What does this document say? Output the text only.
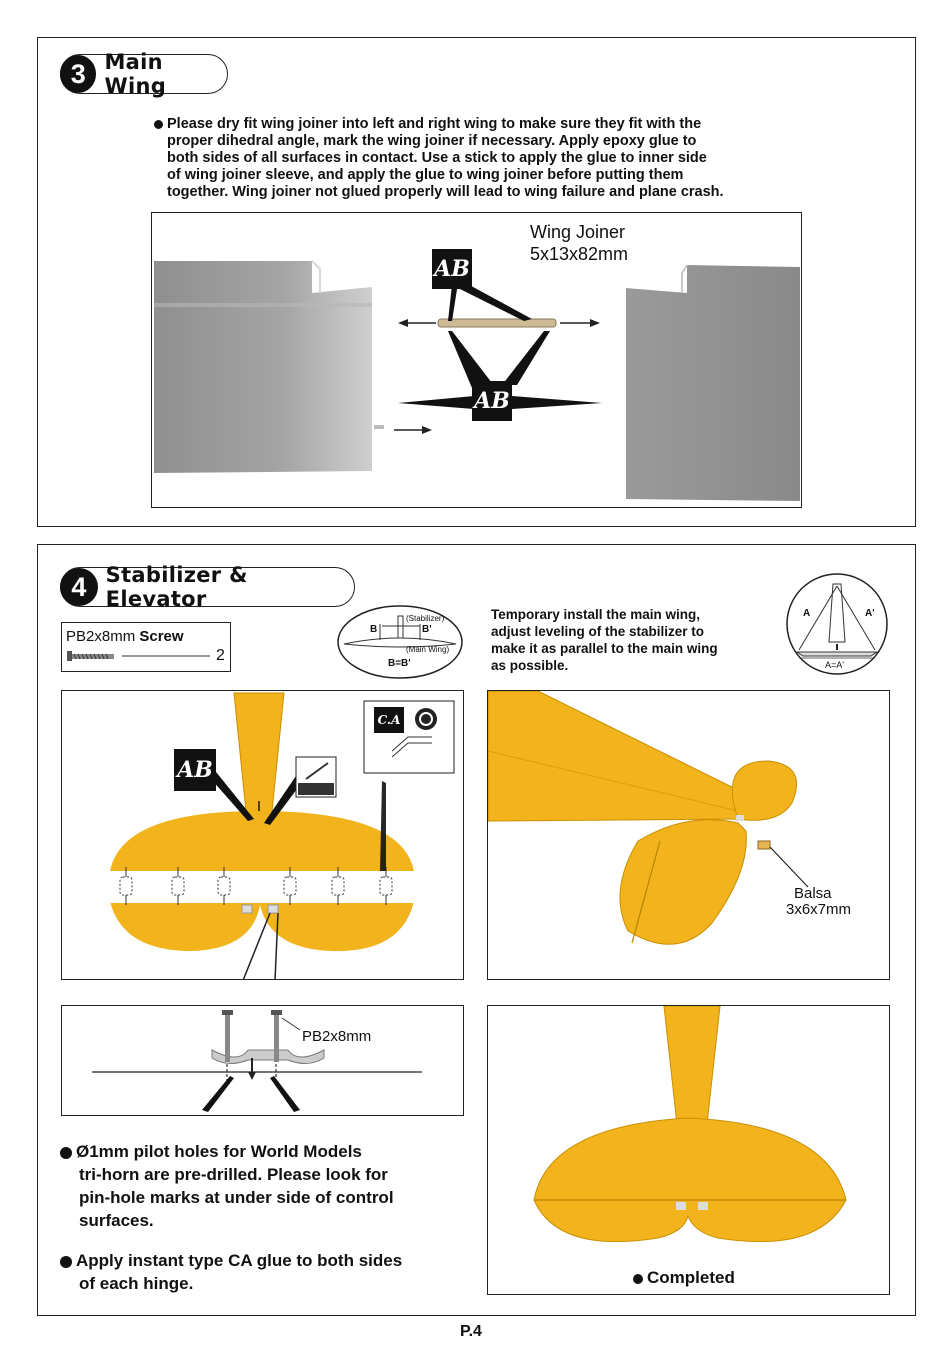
3 Main Wing
Please dry fit wing joiner into left and right wing to make sure they fit with the
proper dihedral angle, mark the wing joiner if necessary. Apply epoxy glue to
both sides of all surfaces in contact. Use a stick to apply the glue to inner side
of wing joiner sleeve, and apply the glue to wing joiner before putting them
together. Wing joiner not glued properly will lead to wing failure and plane crash.
AB
AB
Wing Joiner
5x13x82mm
4 Stabilizer & Elevator
PB2x8mm Screw
2
(Stabilizer)
B	B'
(Main Wing)
B=B'
Temporary install the main wing,
adjust leveling of the stabilizer to
make it as parallel to the main wing
as possible.
A	A'
A=A'
AB
C.A
PB2x8mm
Balsa
3x6x7mm
Completed
Ø1mm pilot holes for World Models
tri-horn are pre-drilled. Please look for
pin-hole marks at under side of control
surfaces.
Apply instant type CA glue to both sides
of each hinge.
P.4
